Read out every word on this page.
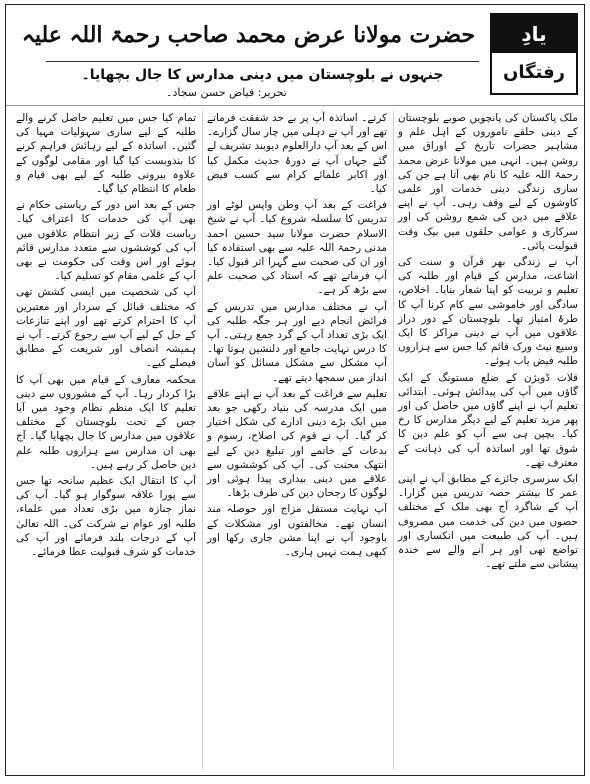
یادِ
رفتگاں
حضرت مولانا عرض محمد صاحب رحمۃ اللہ علیہ
جنہوں نے بلوچستان میں دینی مدارس کا جال بچھایا۔
تحریر: فیاض حسن سجاد۔

ملک پاکستان کی پانچویں صوبے بلوچستان کے دینی حلقے ناموروں کے اہل علم و مشاہیر حضرات تاریخ کے اوراق میں روشن ہیں۔ انہی میں مولانا عرض محمد رحمۃ اللہ علیہ کا نام بھی آتا ہے جن کی ساری زندگی دینی خدمات اور علمی کاوشوں کے لیے وقف رہی۔ آپ نے اپنے علاقے میں دین کی شمع روشن کی اور سرکاری و عوامی حلقوں میں بیک وقت قبولیت پائی۔

آپ نے زندگی بھر قرآن و سنت کی اشاعت، مدارس کے قیام اور طلبہ کی تعلیم و تربیت کو اپنا شعار بنایا۔ اخلاص، سادگی اور خاموشی سے کام کرنا آپ کا طرۂ امتیاز تھا۔ بلوچستان کے دور دراز علاقوں میں آپ نے دینی مراکز کا ایک وسیع نیٹ ورک قائم کیا جس سے ہزاروں طلبہ فیض یاب ہوئے۔

قلات ڈویژن کے ضلع مستونگ کے ایک گاؤں میں آپ کی پیدائش ہوئی۔ ابتدائی تعلیم آپ نے اپنے گاؤں میں حاصل کی اور پھر مزید تعلیم کے لیے دیگر مدارس کا رخ کیا۔ بچپن ہی سے آپ کو علم دین کا شوق تھا اور اساتذہ آپ کی ذہانت کے معترف تھے۔

ایک سرسری جائزے کے مطابق آپ نے اپنی عمر کا بیشتر حصہ تدریس میں گزارا۔ آپ کے شاگرد آج بھی ملک کے مختلف حصوں میں دین کی خدمت میں مصروف ہیں۔ آپ کی طبیعت میں انکساری اور تواضع تھی اور ہر آنے والے سے خندہ پیشانی سے ملتے تھے۔

کرتے۔ اساتذہ آپ پر بے حد شفقت فرماتے تھے اور آپ نے دہلی میں چار سال گزارے۔ اس کے بعد آپ دارالعلوم دیوبند تشریف لے گئے جہاں آپ نے دورۂ حدیث مکمل کیا اور اکابر علمائے کرام سے کسب فیض کیا۔

فراغت کے بعد آپ وطن واپس لوٹے اور تدریس کا سلسلہ شروع کیا۔ آپ نے شیخ الاسلام حضرت مولانا سید حسین احمد مدنی رحمۃ اللہ علیہ سے بھی استفادہ کیا اور ان کی صحبت سے گہرا اثر قبول کیا۔ آپ فرماتے تھے کہ استاد کی صحبت علم سے بڑھ کر ہے۔

آپ نے مختلف مدارس میں تدریس کے فرائض انجام دیے اور ہر جگہ طلبہ کی ایک بڑی تعداد آپ کے گرد جمع رہتی۔ آپ کا درس نہایت جامع اور دلنشین ہوتا تھا۔ آپ مشکل سے مشکل مسائل کو آسان انداز میں سمجھا دیتے تھے۔

تعلیم سے فراغت کے بعد آپ نے اپنے علاقے میں ایک مدرسہ کی بنیاد رکھی جو بعد میں ایک بڑے دینی ادارے کی شکل اختیار کر گیا۔ آپ نے قوم کی اصلاح، رسوم و بدعات کے خاتمے اور تبلیغ دین کے لیے انتھک محنت کی۔ آپ کی کوششوں سے علاقے میں دینی بیداری پیدا ہوئی اور لوگوں کا رجحان دین کی طرف بڑھا۔

آپ نہایت مستقل مزاج اور حوصلہ مند انسان تھے۔ مخالفتوں اور مشکلات کے باوجود آپ نے اپنا مشن جاری رکھا اور کبھی ہمت نہیں ہاری۔

تمام کیا جس میں تعلیم حاصل کرنے والے طلبہ کے لیے ساری سہولیات مہیا کی گئیں۔ اساتذہ کے لیے رہائش فراہم کرنے کا بندوبست کیا گیا اور مقامی لوگوں کے علاوہ بیرونی طلبہ کے لیے بھی قیام و طعام کا انتظام کیا گیا۔

جس کے بعد اس دور کے ریاستی حکام نے بھی آپ کی خدمات کا اعتراف کیا۔ ریاست قلات کے زیر انتظام علاقوں میں آپ کی کوششوں سے متعدد مدارس قائم ہوئے اور اس وقت کی حکومت نے بھی آپ کے علمی مقام کو تسلیم کیا۔

آپ کی شخصیت میں ایسی کشش تھی کہ مختلف قبائل کے سردار اور معتبرین آپ کا احترام کرتے تھے اور اپنے تنازعات کے حل کے لیے آپ سے رجوع کرتے۔ آپ نے ہمیشہ انصاف اور شریعت کے مطابق فیصلے کیے۔

محکمہ معارف کے قیام میں بھی آپ کا بڑا کردار رہا۔ آپ کے مشوروں سے دینی تعلیم کا ایک منظم نظام وجود میں آیا جس کے تحت بلوچستان کے مختلف علاقوں میں مدارس کا جال بچھایا گیا۔ آج بھی ان مدارس سے ہزاروں طلبہ علم دین حاصل کر رہے ہیں۔

آپ کا انتقال ایک عظیم سانحہ تھا جس سے پورا علاقہ سوگوار ہو گیا۔ آپ کی نماز جنازہ میں بڑی تعداد میں علماء، طلبہ اور عوام نے شرکت کی۔ اللہ تعالیٰ آپ کے درجات بلند فرمائے اور آپ کی خدمات کو شرف قبولیت عطا فرمائے۔
